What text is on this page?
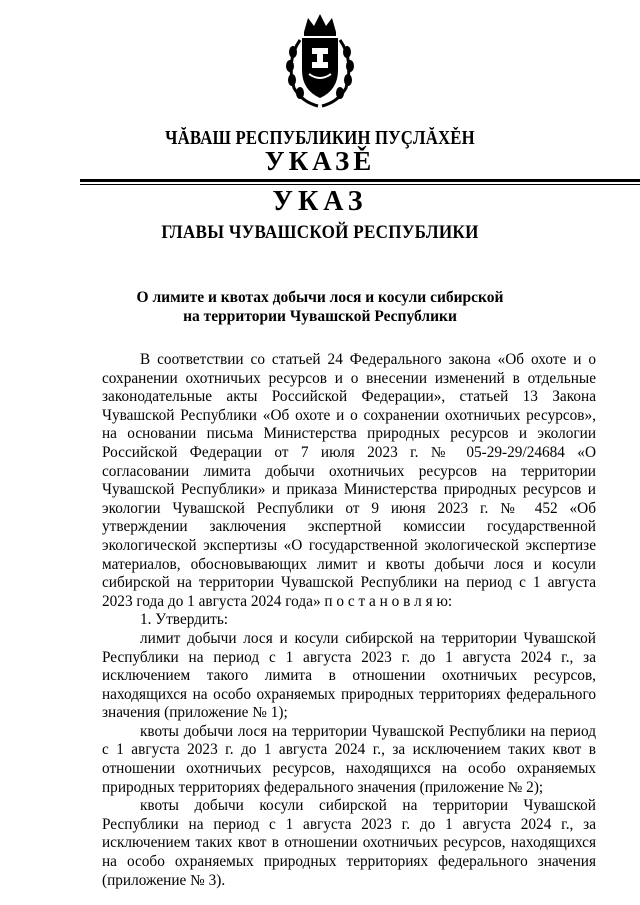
ЧĂВАШ РЕСПУБЛИКИН ПУÇЛĂХĚН
УКАЗĚ
УКАЗ
ГЛАВЫ ЧУВАШСКОЙ РЕСПУБЛИКИ
О лимите и квотах добычи лося и косули сибирской
на территории Чувашской Республики

В соответствии со статьей 24 Федерального закона «Об охоте и о сохранении охотничьих ресурсов и о внесении изменений в отдельные законодательные акты Российской Федерации», статьей 13 Закона Чувашской Республики «Об охоте и о сохранении охотничьих ресурсов», на основании письма Министерства природных ресурсов и экологии Российской Федерации от 7 июля 2023 г. № 05-29-29/24684 «О согласовании лимита добычи охотничьих ресурсов на территории Чувашской Республики» и приказа Министерства природных ресурсов и экологии Чувашской Республики от 9 июня 2023 г. № 452 «Об утверждении заключения экспертной комиссии государственной экологической экспертизы «О государственной экологической экспертизе материалов, обосновывающих лимит и квоты добычи лося и косули сибирской на территории Чувашской Республики на период с 1 августа 2023 года до 1 августа 2024 года» п о с т а н о в л я ю:

1. Утвердить:

лимит добычи лося и косули сибирской на территории Чувашской Республики на период с 1 августа 2023 г. до 1 августа 2024 г., за исключением такого лимита в отношении охотничьих ресурсов, находящихся на особо охраняемых природных территориях федерального значения (приложение № 1);

квоты добычи лося на территории Чувашской Республики на период с 1 августа 2023 г. до 1 августа 2024 г., за исключением таких квот в отношении охотничьих ресурсов, находящихся на особо охраняемых природных территориях федерального значения (приложение № 2);

квоты добычи косули сибирской на территории Чувашской Республики на период с 1 августа 2023 г. до 1 августа 2024 г., за исключением таких квот в отношении охотничьих ресурсов, находящихся на особо охраняемых природных территориях федерального значения (приложение № 3).
